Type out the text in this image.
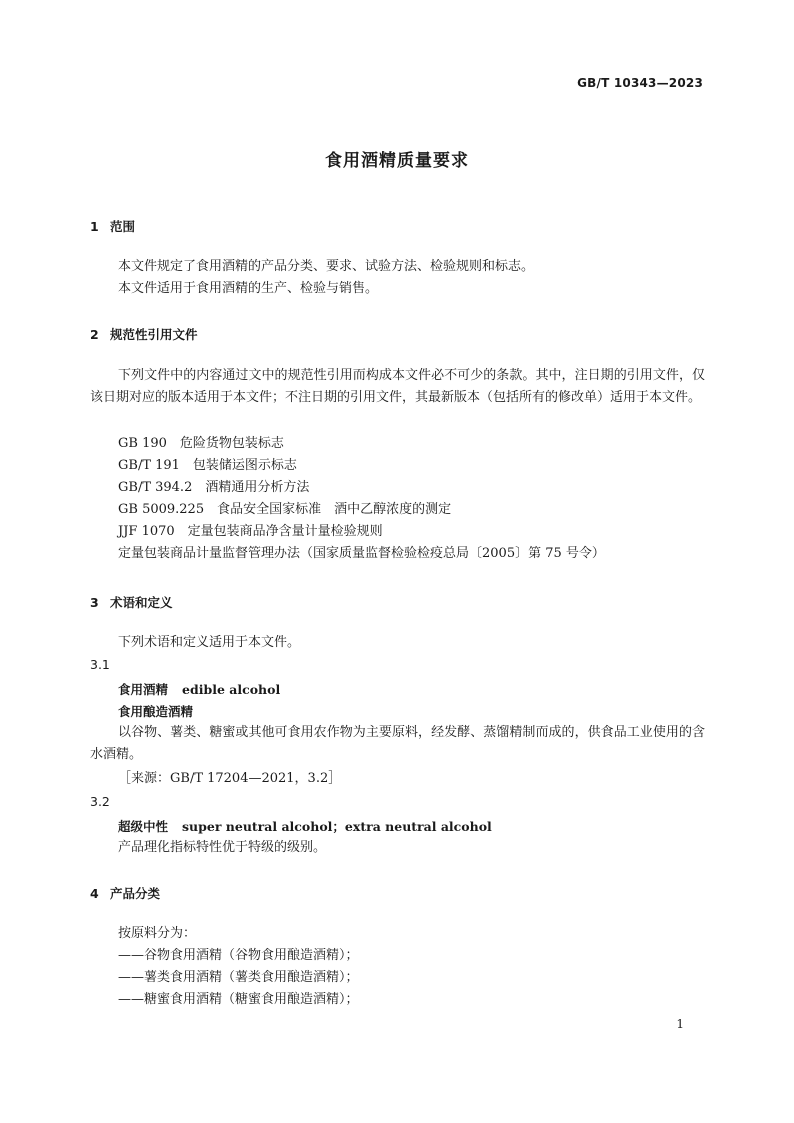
GB/T 10343—2023
食用酒精质量要求
1 范围
本文件规定了食用酒精的产品分类、要求、试验方法、检验规则和标志。
本文件适用于食用酒精的生产、检验与销售。
2 规范性引用文件
下列文件中的内容通过文中的规范性引用而构成本文件必不可少的条款。其中，注日期的引用文件，仅该日期对应的版本适用于本文件；不注日期的引用文件，其最新版本（包括所有的修改单）适用于本文件。
GB 190　危险货物包装标志
GB/T 191　包装储运图示标志
GB/T 394.2　酒精通用分析方法
GB 5009.225　食品安全国家标准　酒中乙醇浓度的测定
JJF 1070　定量包装商品净含量计量检验规则
定量包装商品计量监督管理办法（国家质量监督检验检疫总局〔2005〕第 75 号令）
3 术语和定义
下列术语和定义适用于本文件。
3.1
食用酒精 edible alcohol
食用酿造酒精
以谷物、薯类、糖蜜或其他可食用农作物为主要原料，经发酵、蒸馏精制而成的，供食品工业使用的含水酒精。
［来源：GB/T 17204—2021，3.2］
3.2
超级中性 super neutral alcohol；extra neutral alcohol
产品理化指标特性优于特级的级别。
4 产品分类
按原料分为：
——谷物食用酒精（谷物食用酿造酒精）；
——薯类食用酒精（薯类食用酿造酒精）；
——糖蜜食用酒精（糖蜜食用酿造酒精）；
1
